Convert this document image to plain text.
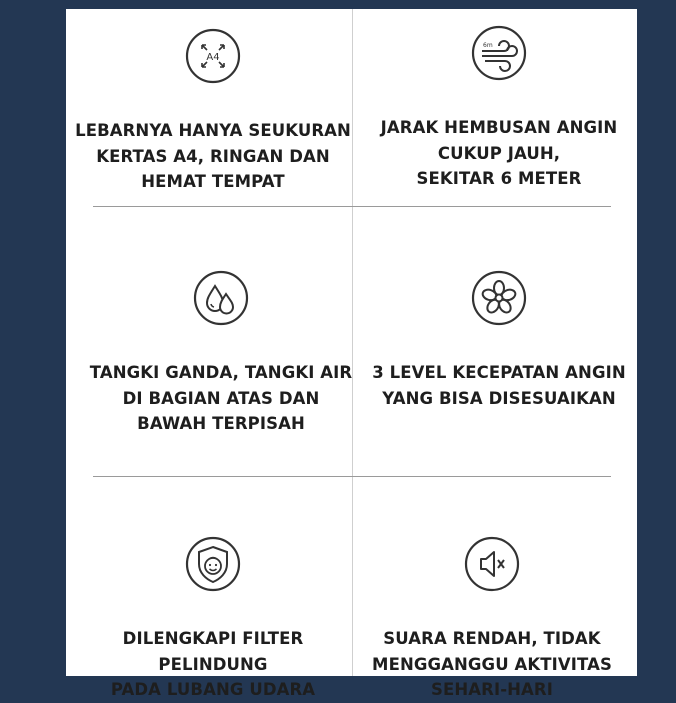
A4
LEBARNYA HANYA SEUKURAN
KERTAS A4, RINGAN DAN
HEMAT TEMPAT
6m
JARAK HEMBUSAN ANGIN
CUKUP JAUH,
SEKITAR 6 METER
TANGKI GANDA, TANGKI AIR
DI BAGIAN ATAS DAN
BAWAH TERPISAH
3 LEVEL KECEPATAN ANGIN
YANG BISA DISESUAIKAN
DILENGKAPI FILTER PELINDUNG
PADA LUBANG UDARA
SUARA RENDAH, TIDAK
MENGGANGGU AKTIVITAS
SEHARI-HARI
